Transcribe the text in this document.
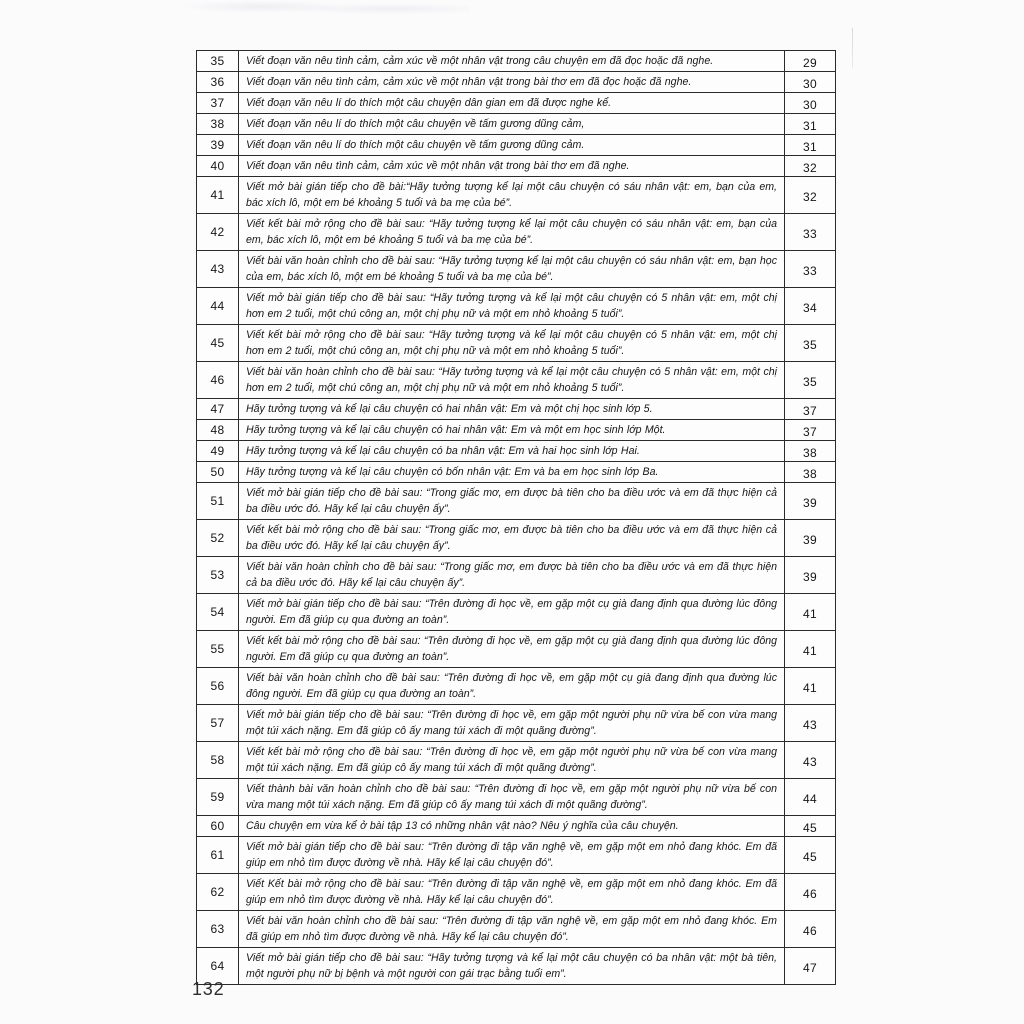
35	Viết đoạn văn nêu tình cảm, cảm xúc về một nhân vật trong câu chuyện em đã đọc hoặc đã nghe.	29
36	Viết đoạn văn nêu tình cảm, cảm xúc về một nhân vật trong bài thơ em đã đọc hoặc đã nghe.	30
37	Viết đoạn văn nêu lí do thích một câu chuyện dân gian em đã được nghe kể.	30
38	Viết đoạn văn nêu lí do thích một câu chuyện về tấm gương dũng cảm,	31
39	Viết đoạn văn nêu lí do thích một câu chuyện về tấm gương dũng cảm.	31
40	Viết đoạn văn nêu tình cảm, cảm xúc về một nhân vật trong bài thơ em đã nghe.	32
41	Viết mở bài gián tiếp cho đề bài:“Hãy tưởng tượng kể lại một câu chuyện có sáu nhân vật: em, bạn của em, bác xích lô, một em bé khoảng 5 tuổi và ba mẹ của bé”.	32
42	Viết kết bài mở rộng cho đề bài sau: “Hãy tưởng tượng kể lại một câu chuyện có sáu nhân vật: em, bạn của em, bác xích lô, một em bé khoảng 5 tuổi và ba mẹ của bé”.	33
43	Viết bài văn hoàn chỉnh cho đề bài sau: “Hãy tưởng tượng kể lại một câu chuyện có sáu nhân vật: em, bạn học của em, bác xích lô, một em bé khoảng 5 tuổi và ba mẹ của bé”.	33
44	Viết mở bài gián tiếp cho đề bài sau: “Hãy tưởng tượng và kể lại một câu chuyện có 5 nhân vật: em, một chị hơn em 2 tuổi, một chú công an, một chị phụ nữ và một em nhỏ khoảng 5 tuổi”.	34
45	Viết kết bài mở rộng cho đề bài sau: “Hãy tưởng tượng và kể lại một câu chuyện có 5 nhân vật: em, một chị hơn em 2 tuổi, một chú công an, một chị phụ nữ và một em nhỏ khoảng 5 tuổi”.	35
46	Viết bài văn hoàn chỉnh cho đề bài sau: “Hãy tưởng tượng và kể lại một câu chuyện có 5 nhân vật: em, một chị hơn em 2 tuổi, một chú công an, một chị phụ nữ và một em nhỏ khoảng 5 tuổi”.	35
47	Hãy tưởng tượng và kể lại câu chuyện có hai nhân vật: Em và một chị học sinh lớp 5.	37
48	Hãy tưởng tượng và kể lại câu chuyện có hai nhân vật: Em và một em học sinh lớp Một.	37
49	Hãy tưởng tượng và kể lại câu chuyện có ba nhân vật: Em và hai học sinh lớp Hai.	38
50	Hãy tưởng tượng và kể lại câu chuyện có bốn nhân vật: Em và ba em học sinh lớp Ba.	38
51	Viết mở bài gián tiếp cho đề bài sau: “Trong giấc mơ, em được bà tiên cho ba điều ước và em đã thực hiện cả ba điều ước đó. Hãy kể lại câu chuyện ấy”.	39
52	Viết kết bài mở rộng cho đề bài sau: “Trong giấc mơ, em được bà tiên cho ba điều ước và em đã thực hiện cả ba điều ước đó. Hãy kể lại câu chuyện ấy”.	39
53	Viết bài văn hoàn chỉnh cho đề bài sau: “Trong giấc mơ, em được bà tiên cho ba điều ước và em đã thực hiện cả ba điều ước đó. Hãy kể lại câu chuyện ấy”.	39
54	Viết mở bài gián tiếp cho đề bài sau: “Trên đường đi học về, em gặp một cụ già đang định qua đường lúc đông người. Em đã giúp cụ qua đường an toàn”.	41
55	Viết kết bài mở rộng cho đề bài sau: “Trên đường đi học về, em gặp một cụ già đang định qua đường lúc đông người. Em đã giúp cụ qua đường an toàn”.	41
56	Viết bài văn hoàn chỉnh cho đề bài sau: “Trên đường đi học về, em gặp một cụ già đang định qua đường lúc đông người. Em đã giúp cụ qua đường an toàn”.	41
57	Viết mở bài gián tiếp cho đề bài sau: “Trên đường đi học về, em gặp một người phụ nữ vừa bế con vừa mang một túi xách nặng. Em đã giúp cô ấy mang túi xách đi một quãng đường”.	43
58	Viết kết bài mở rộng cho đề bài sau: “Trên đường đi học về, em gặp một người phụ nữ vừa bế con vừa mang một túi xách nặng. Em đã giúp cô ấy mang túi xách đi một quãng đường”.	43
59	Viết thành bài văn hoàn chỉnh cho đề bài sau: “Trên đường đi học về, em gặp một người phụ nữ vừa bế con vừa mang một túi xách nặng. Em đã giúp cô ấy mang túi xách đi một quãng đường”.	44
60	Câu chuyện em vừa kể ở bài tập 13 có những nhân vật nào? Nêu ý nghĩa của câu chuyện.	45
61	Viết mở bài gián tiếp cho đề bài sau: “Trên đường đi tập văn nghệ về, em gặp một em nhỏ đang khóc. Em đã giúp em nhỏ tìm được đường về nhà. Hãy kể lại câu chuyện đó”.	45
62	Viết Kết bài mở rộng cho đề bài sau: “Trên đường đi tập văn nghệ về, em gặp một em nhỏ đang khóc. Em đã giúp em nhỏ tìm được đường về nhà. Hãy kể lại câu chuyện đó”.	46
63	Viết bài văn hoàn chỉnh cho đề bài sau: “Trên đường đi tập văn nghệ về, em gặp một em nhỏ đang khóc. Em đã giúp em nhỏ tìm được đường về nhà. Hãy kể lại câu chuyện đó”.	46
64	Viết mở bài gián tiếp cho đề bài sau: “Hãy tưởng tượng và kể lại một câu chuyện có ba nhân vật: một bà tiên, một người phụ nữ bị bệnh và một người con gái trạc bằng tuổi em”.	47
132
